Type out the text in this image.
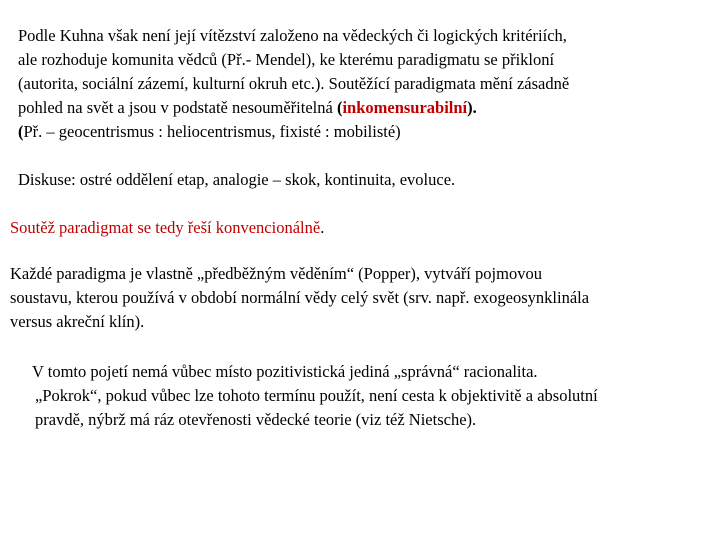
Podle Kuhna však není její vítězství založeno na vědeckých či logických kritériích,
ale rozhoduje komunita vědců (Př.- Mendel), ke kterému paradigmatu se přikloní
(autorita, sociální zázemí, kulturní okruh etc.). Soutěžící paradigmata mění zásadně
pohled na svět a jsou v podstatě nesouměřitelná (inkomensurabilní).
(Př. – geocentrismus : heliocentrismus, fixisté : mobilisté)
Diskuse: ostré oddělení etap, analogie – skok, kontinuita, evoluce.
Soutěž paradigmat se tedy řeší konvencionálně.
Každé paradigma je vlastně „předběžným věděním“ (Popper), vytváří pojmovou
soustavu, kterou používá v období normální vědy celý svět (srv. např. exogeosynklinála
versus akreční klín).
V tomto pojetí nemá vůbec místo pozitivistická jediná „správná“ racionalita.
„Pokrok“, pokud vůbec lze tohoto termínu použít, není cesta k objektivitě a absolutní
pravdě, nýbrž má ráz otevřenosti vědecké teorie (viz též Nietsche).
